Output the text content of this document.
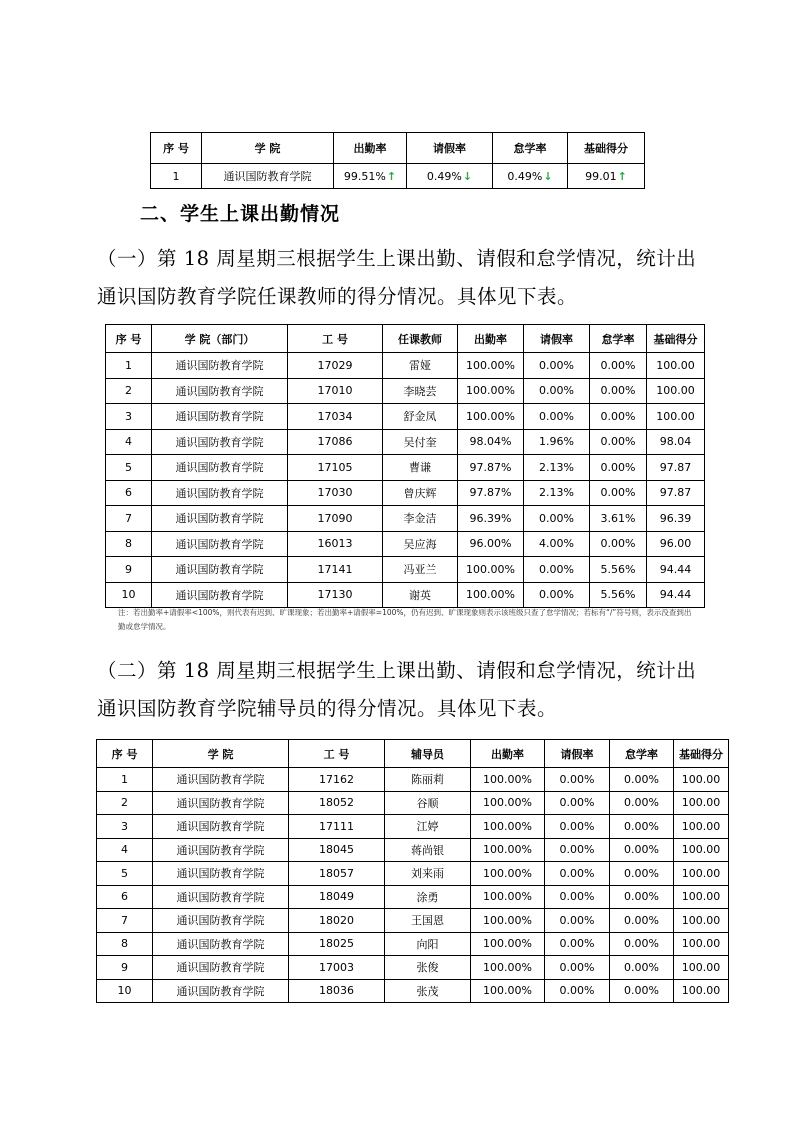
序 号	学 院	出勤率	请假率	怠学率	基础得分
1	通识国防教育学院	99.51%↑	0.49%↓	0.49%↓	99.01↑
二、学生上课出勤情况
（一）第 18 周星期三根据学生上课出勤、请假和怠学情况，统计出通识国防教育学院任课教师的得分情况。具体见下表。
序 号	学 院（部门）	工 号	任课教师	出勤率	请假率	怠学率	基础得分
1	通识国防教育学院	17029	雷娅	100.00%	0.00%	0.00%	100.00
2	通识国防教育学院	17010	李晓芸	100.00%	0.00%	0.00%	100.00
3	通识国防教育学院	17034	舒金凤	100.00%	0.00%	0.00%	100.00
4	通识国防教育学院	17086	吴付奎	98.04%	1.96%	0.00%	98.04
5	通识国防教育学院	17105	曹谦	97.87%	2.13%	0.00%	97.87
6	通识国防教育学院	17030	曾庆辉	97.87%	2.13%	0.00%	97.87
7	通识国防教育学院	17090	李金洁	96.39%	0.00%	3.61%	96.39
8	通识国防教育学院	16013	吴应海	96.00%	4.00%	0.00%	96.00
9	通识国防教育学院	17141	冯亚兰	100.00%	0.00%	5.56%	94.44
10	通识国防教育学院	17130	谢英	100.00%	0.00%	5.56%	94.44
注：若出勤率+请假率<100%，则代表有迟到、旷课现象；若出勤率+请假率=100%，仍有迟到、旷课现象则表示该班级只查了怠学情况；若标有“/”符号则，表示没查到出勤或怠学情况。
（二）第 18 周星期三根据学生上课出勤、请假和怠学情况，统计出通识国防教育学院辅导员的得分情况。具体见下表。
序 号	学 院	工 号	辅导员	出勤率	请假率	怠学率	基础得分
1	通识国防教育学院	17162	陈丽莉	100.00%	0.00%	0.00%	100.00
2	通识国防教育学院	18052	谷顺	100.00%	0.00%	0.00%	100.00
3	通识国防教育学院	17111	江婷	100.00%	0.00%	0.00%	100.00
4	通识国防教育学院	18045	蒋尚银	100.00%	0.00%	0.00%	100.00
5	通识国防教育学院	18057	刘来雨	100.00%	0.00%	0.00%	100.00
6	通识国防教育学院	18049	涂勇	100.00%	0.00%	0.00%	100.00
7	通识国防教育学院	18020	王国恩	100.00%	0.00%	0.00%	100.00
8	通识国防教育学院	18025	向阳	100.00%	0.00%	0.00%	100.00
9	通识国防教育学院	17003	张俊	100.00%	0.00%	0.00%	100.00
10	通识国防教育学院	18036	张茂	100.00%	0.00%	0.00%	100.00
